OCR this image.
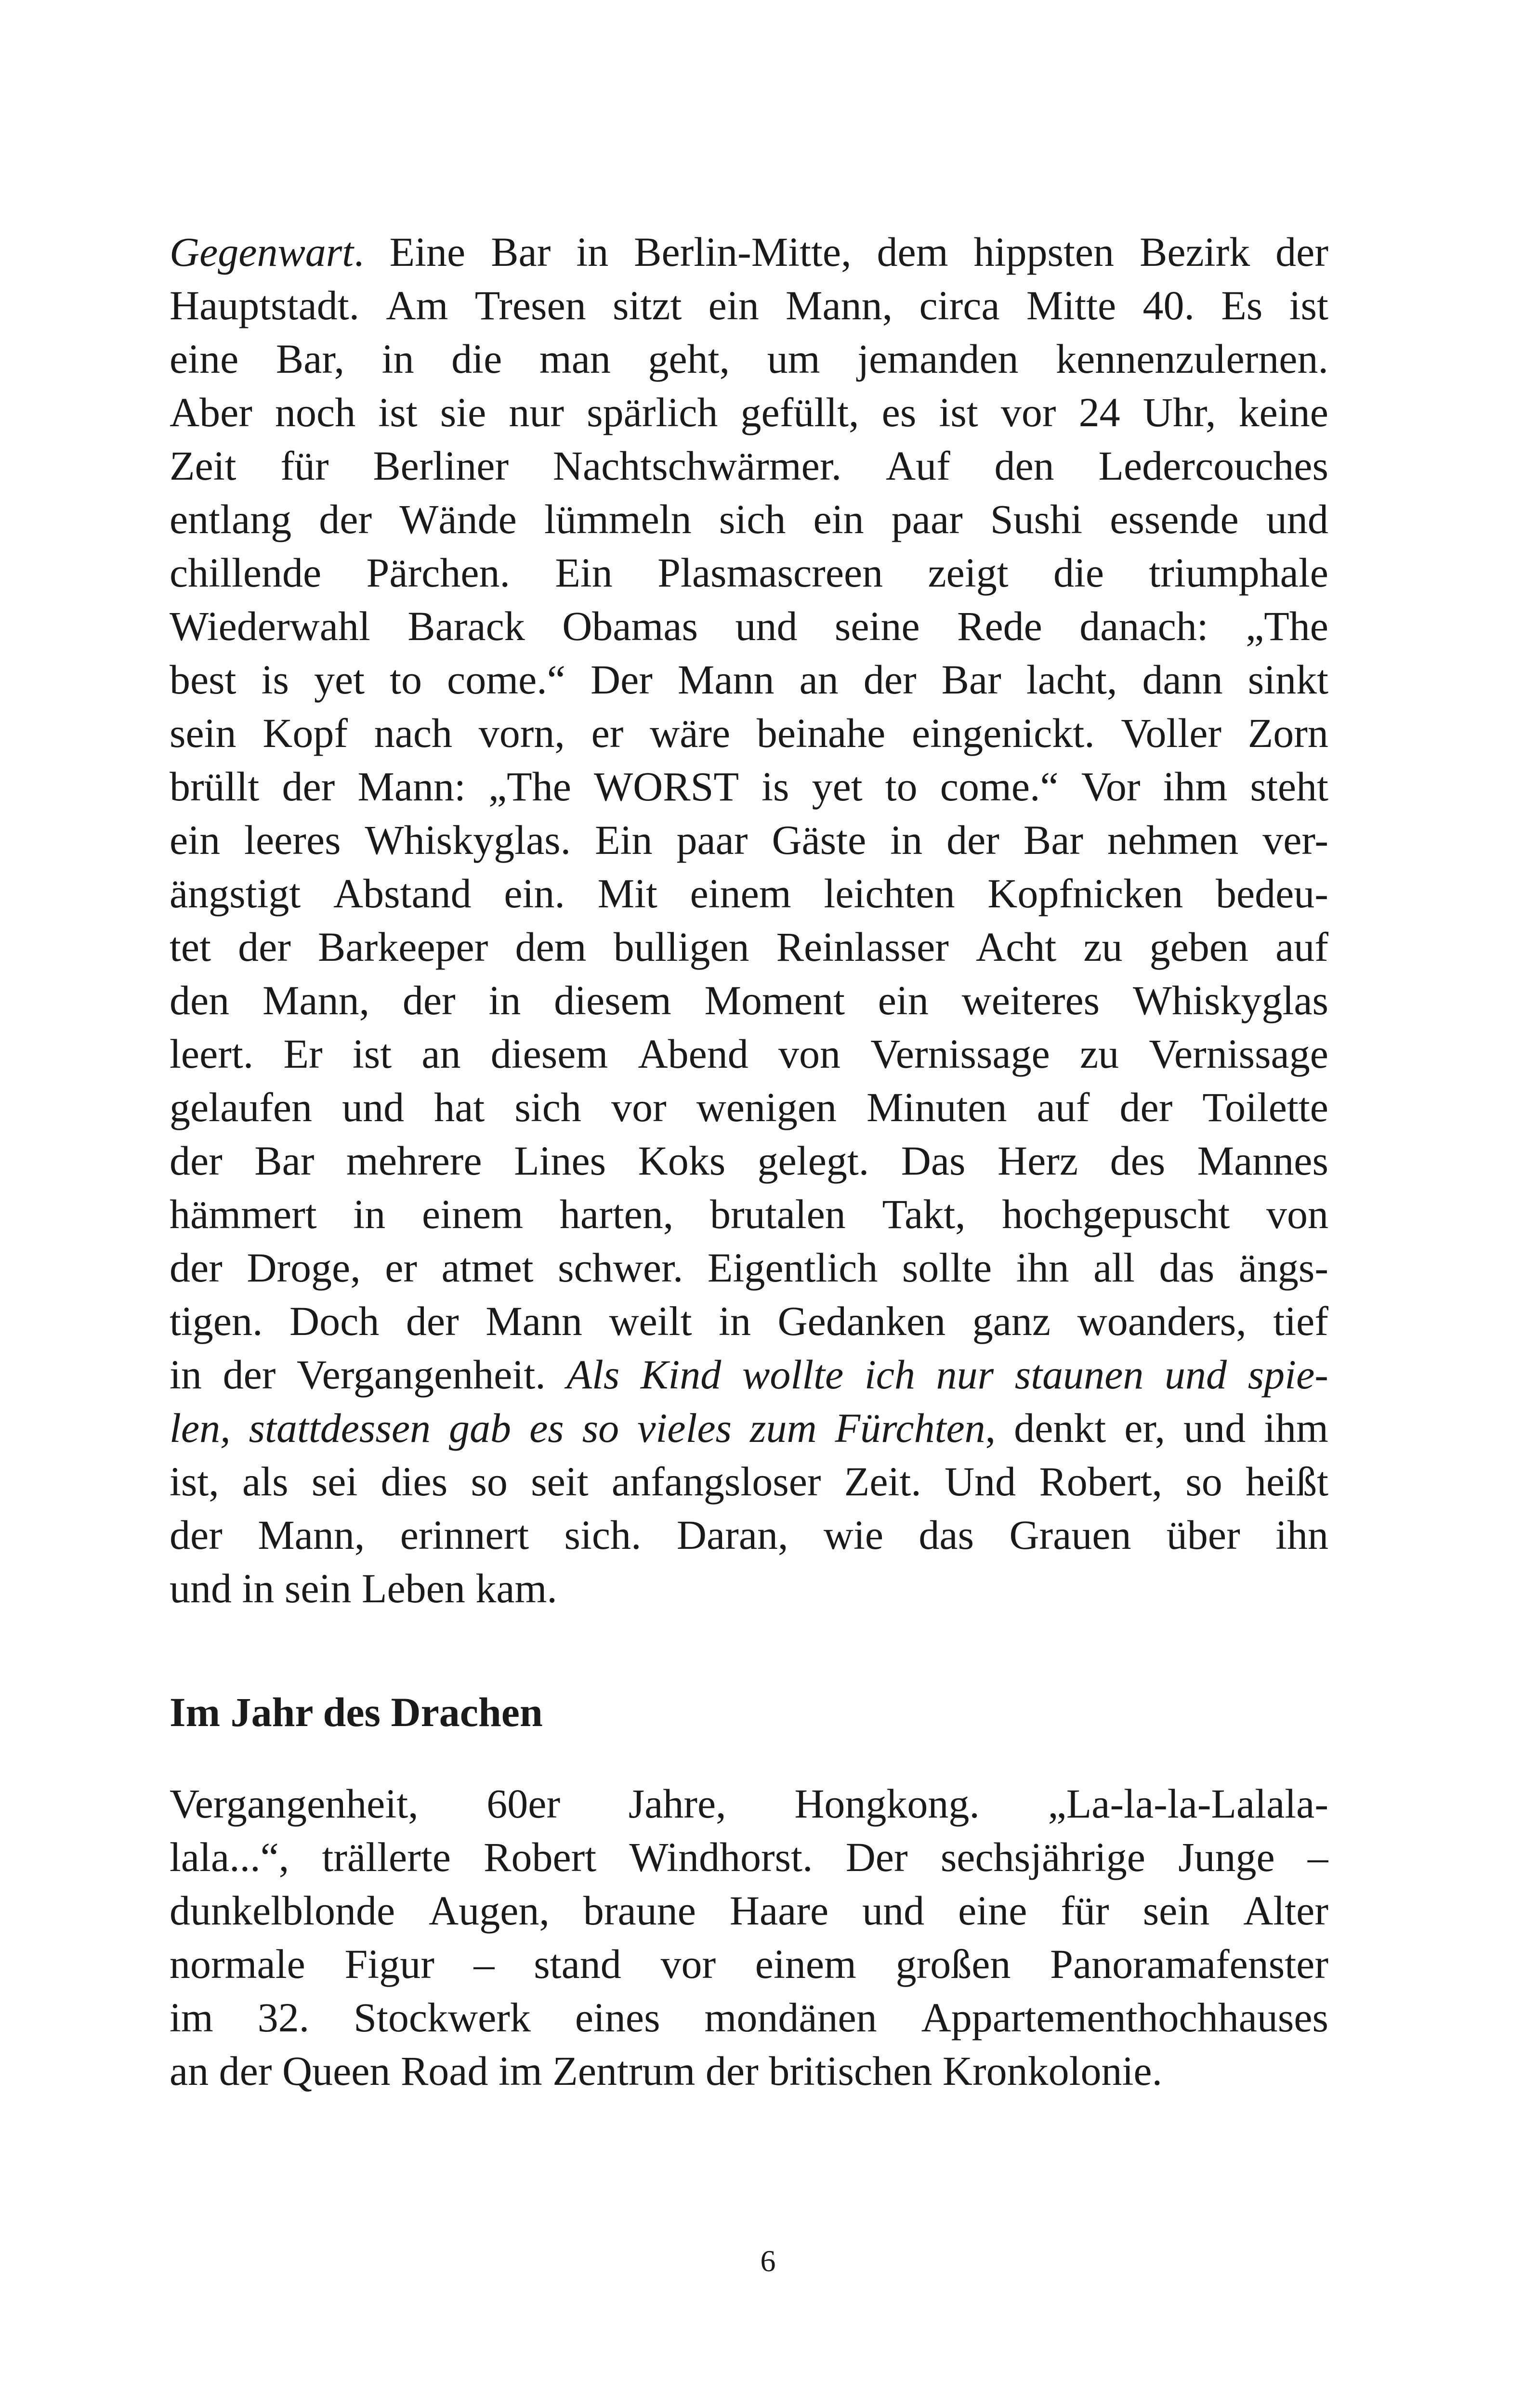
Gegenwart. Eine Bar in Berlin-Mitte, dem hippsten Bezirk der
Hauptstadt. Am Tresen sitzt ein Mann, circa Mitte 40. Es ist
eine Bar, in die man geht, um jemanden kennenzulernen.
Aber noch ist sie nur spärlich gefüllt, es ist vor 24 Uhr, keine
Zeit für Berliner Nachtschwärmer. Auf den Ledercouches
entlang der Wände lümmeln sich ein paar Sushi essende und
chillende Pärchen. Ein Plasmascreen zeigt die triumphale
Wiederwahl Barack Obamas und seine Rede danach: „The
best is yet to come.“ Der Mann an der Bar lacht, dann sinkt
sein Kopf nach vorn, er wäre beinahe eingenickt. Voller Zorn
brüllt der Mann: „The WORST is yet to come.“ Vor ihm steht
ein leeres Whiskyglas. Ein paar Gäste in der Bar nehmen ver-
ängstigt Abstand ein. Mit einem leichten Kopfnicken bedeu-
tet der Barkeeper dem bulligen Reinlasser Acht zu geben auf
den Mann, der in diesem Moment ein weiteres Whiskyglas
leert. Er ist an diesem Abend von Vernissage zu Vernissage
gelaufen und hat sich vor wenigen Minuten auf der Toilette
der Bar mehrere Lines Koks gelegt. Das Herz des Mannes
hämmert in einem harten, brutalen Takt, hochgepuscht von
der Droge, er atmet schwer. Eigentlich sollte ihn all das ängs-
tigen. Doch der Mann weilt in Gedanken ganz woanders, tief
in der Vergangenheit. Als Kind wollte ich nur staunen und spie-
len, stattdessen gab es so vieles zum Fürchten, denkt er, und ihm
ist, als sei dies so seit anfangsloser Zeit. Und Robert, so heißt
der Mann, erinnert sich. Daran, wie das Grauen über ihn
und in sein Leben kam.
Im Jahr des Drachen
Vergangenheit, 60er Jahre, Hongkong. „La-la-la-Lalala-
lala...“, trällerte Robert Windhorst. Der sechsjährige Junge –
dunkelblonde Augen, braune Haare und eine für sein Alter
normale Figur – stand vor einem großen Panoramafenster
im 32. Stockwerk eines mondänen Appartementhochhauses
an der Queen Road im Zentrum der britischen Kronkolonie.
6
